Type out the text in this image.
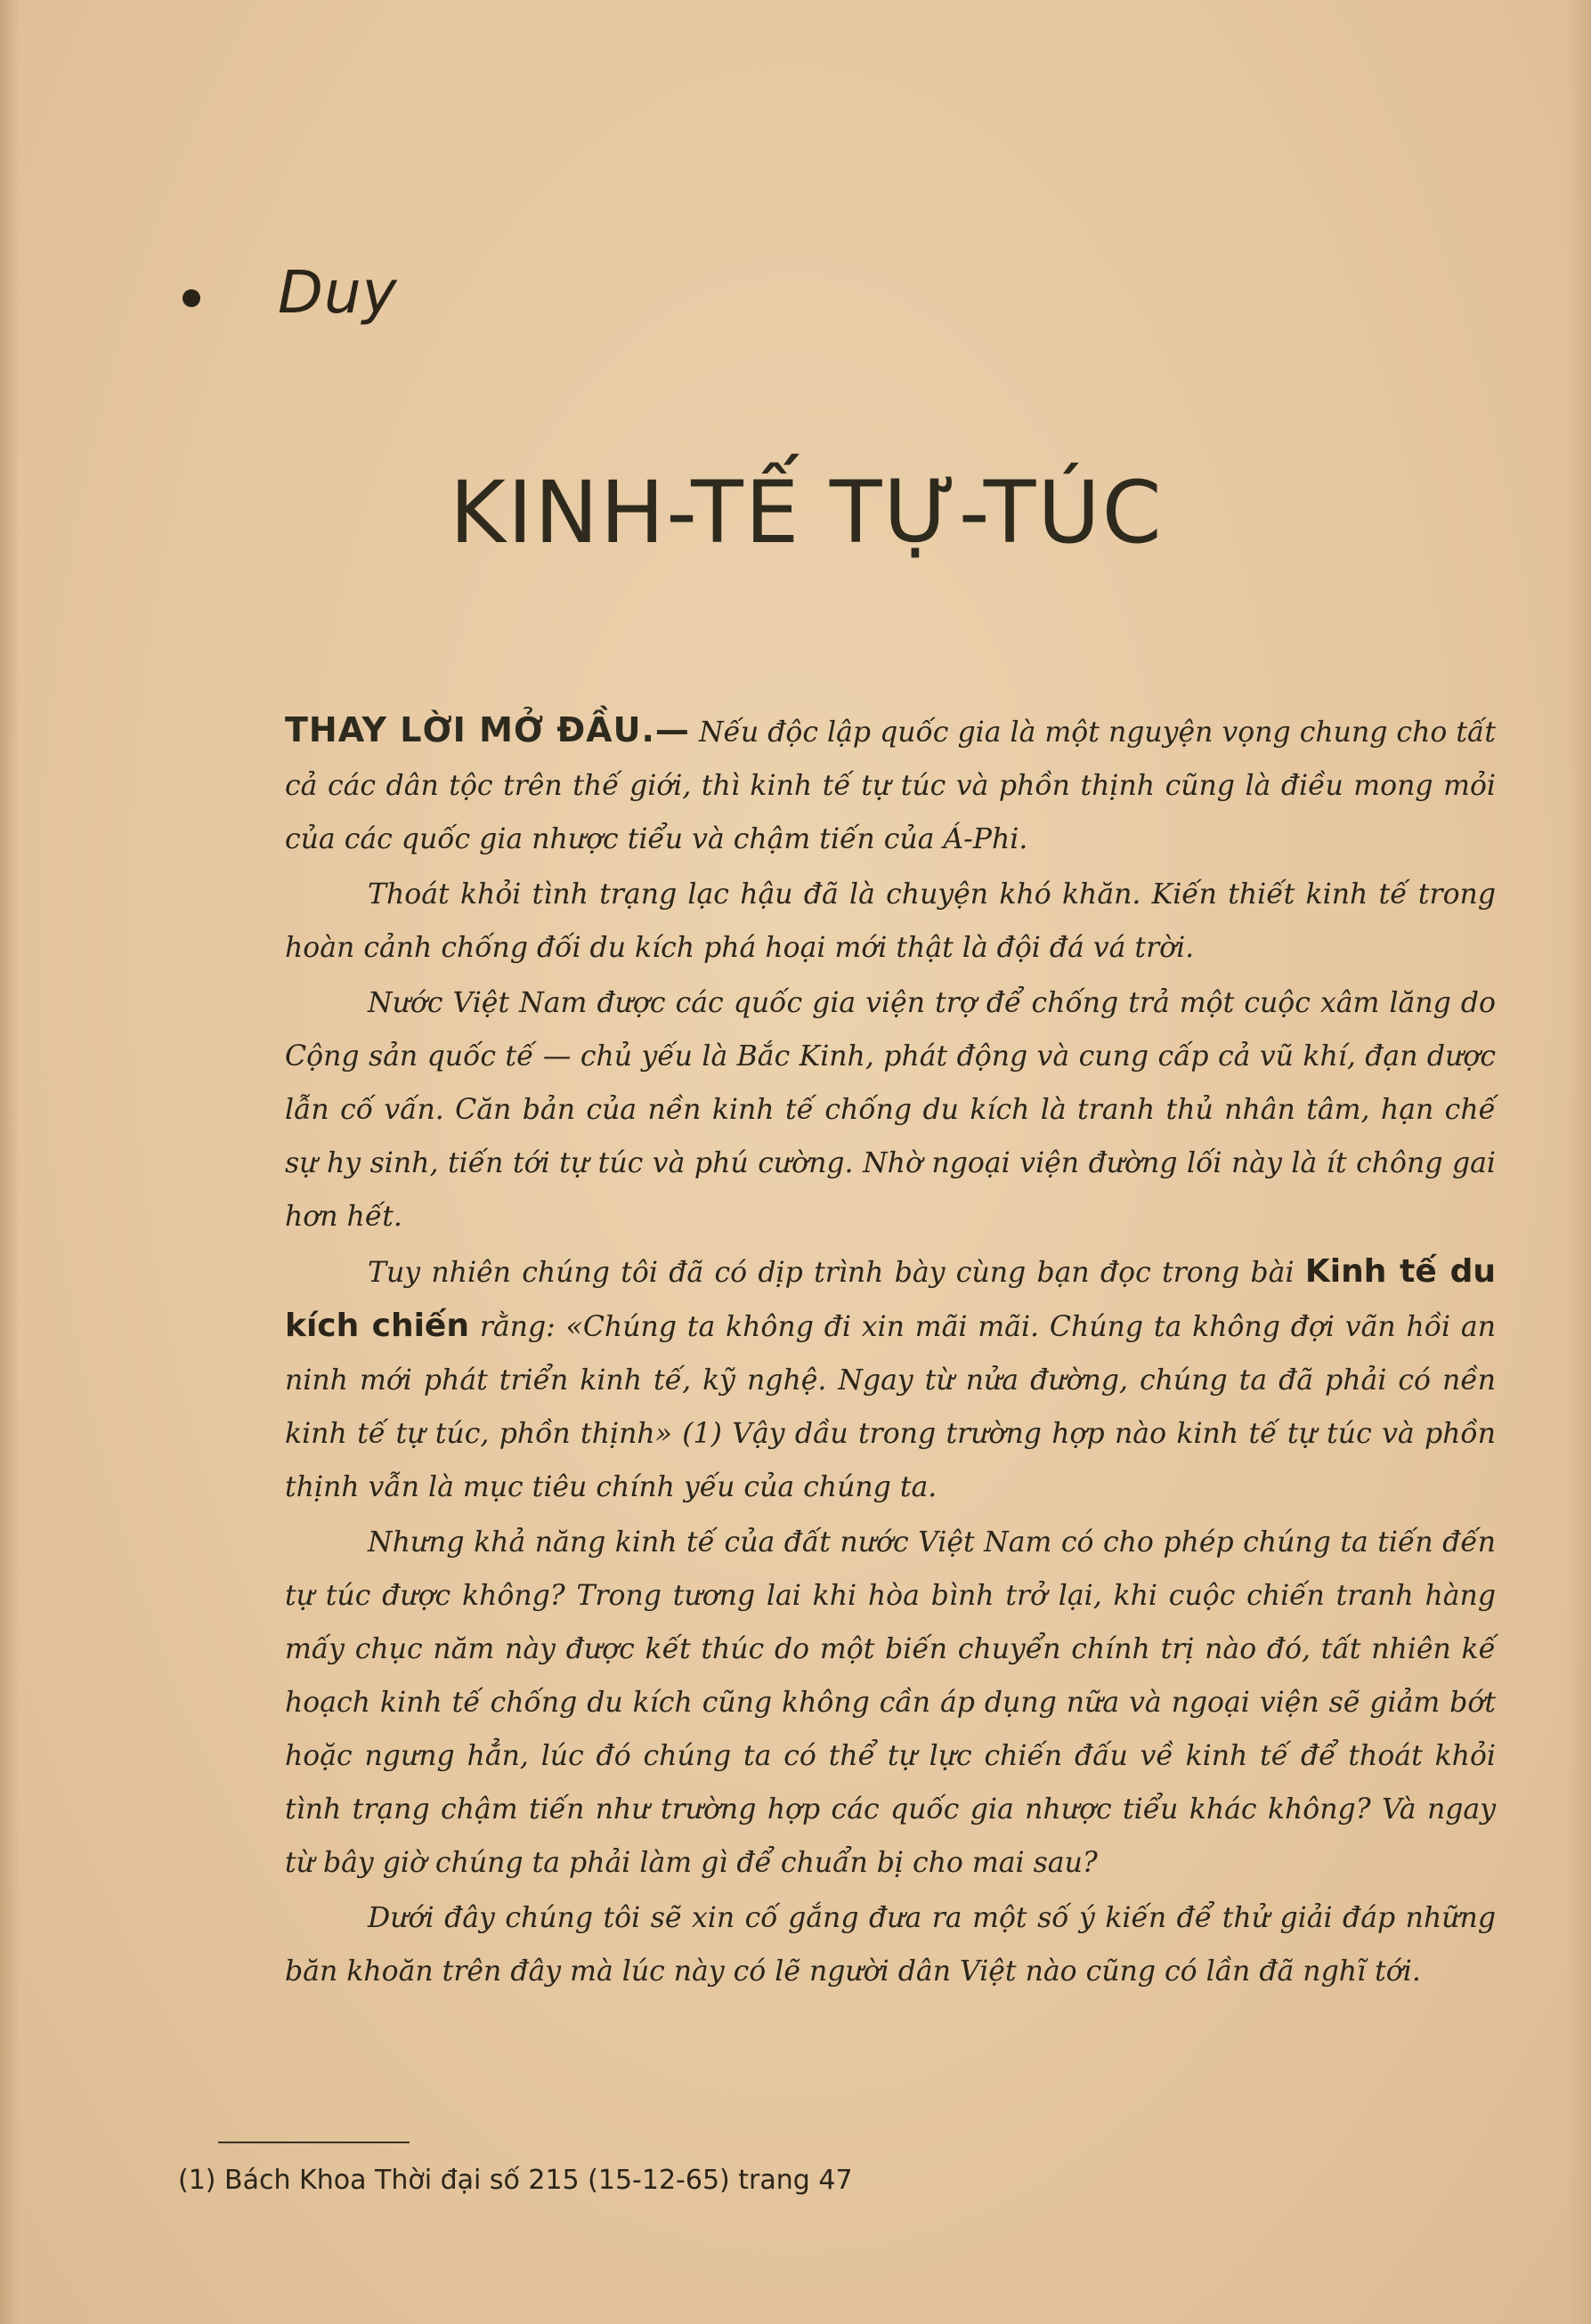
Duy
KINH-TẾ TỰ-TÚC

THAY LỜI MỞ ĐẦU.— Nếu độc lập quốc gia là một nguyện vọng chung cho tất cả các dân tộc trên thế giới, thì kinh tế tự túc và phồn thịnh cũng là điều mong mỏi của các quốc gia nhược tiểu và chậm tiến của Á-Phi.

Thoát khỏi tình trạng lạc hậu đã là chuyện khó khăn. Kiến thiết kinh tế trong hoàn cảnh chống đối du kích phá hoại mới thật là đội đá vá trời.

Nước Việt Nam được các quốc gia viện trợ để chống trả một cuộc xâm lăng do Cộng sản quốc tế — chủ yếu là Bắc Kinh, phát động và cung cấp cả vũ khí, đạn dược lẫn cố vấn. Căn bản của nền kinh tế chống du kích là tranh thủ nhân tâm, hạn chế sự hy sinh, tiến tới tự túc và phú cường. Nhờ ngoại viện đường lối này là ít chông gai hơn hết.

Tuy nhiên chúng tôi đã có dịp trình bày cùng bạn đọc trong bài Kinh tế du kích chiến rằng: «Chúng ta không đi xin mãi mãi. Chúng ta không đợi vãn hồi an ninh mới phát triển kinh tế, kỹ nghệ. Ngay từ nửa đường, chúng ta đã phải có nền kinh tế tự túc, phồn thịnh» (1) Vậy dầu trong trường hợp nào kinh tế tự túc và phồn thịnh vẫn là mục tiêu chính yếu của chúng ta.

Nhưng khả năng kinh tế của đất nước Việt Nam có cho phép chúng ta tiến đến tự túc được không? Trong tương lai khi hòa bình trở lại, khi cuộc chiến tranh hàng mấy chục năm này được kết thúc do một biến chuyển chính trị nào đó, tất nhiên kế hoạch kinh tế chống du kích cũng không cần áp dụng nữa và ngoại viện sẽ giảm bớt hoặc ngưng hẳn, lúc đó chúng ta có thể tự lực chiến đấu về kinh tế để thoát khỏi tình trạng chậm tiến như trường hợp các quốc gia nhược tiểu khác không? Và ngay từ bây giờ chúng ta phải làm gì để chuẩn bị cho mai sau?

Dưới đây chúng tôi sẽ xin cố gắng đưa ra một số ý kiến để thử giải đáp những băn khoăn trên đây mà lúc này có lẽ người dân Việt nào cũng có lần đã nghĩ tới.

(1) Bách Khoa Thời đại số 215 (15-12-65) trang 47
